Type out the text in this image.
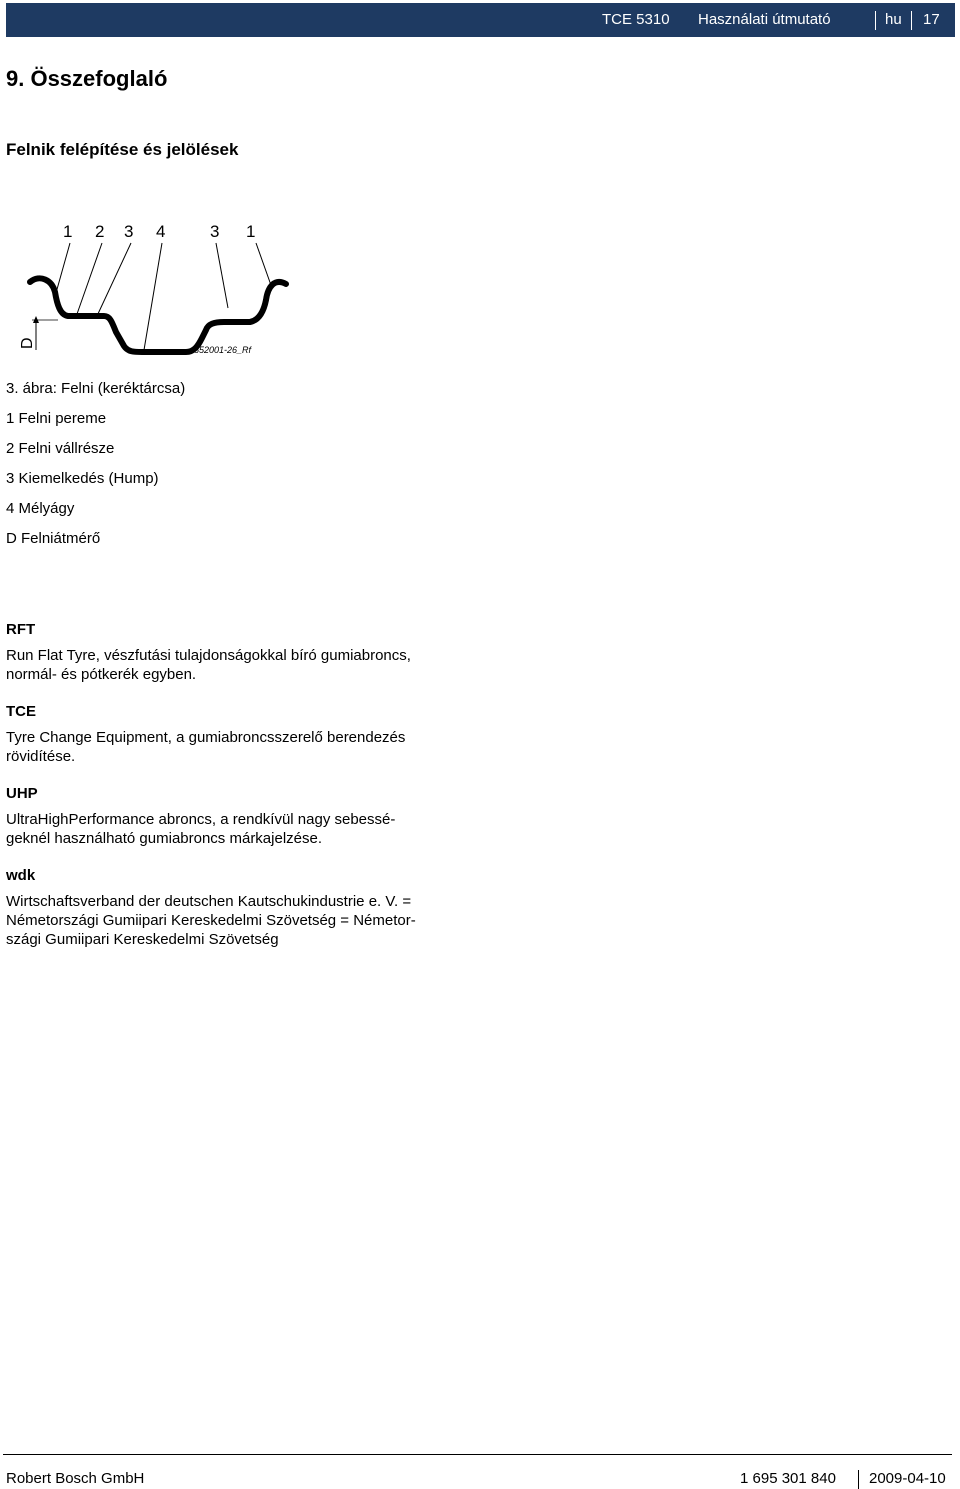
TCE 5310 Használati útmutató	hu 17
9. Összefoglaló
Felnik felépítése és jelölések
1 2 3 4	3 1
D
652001-26_Rf
3. ábra: Felni (keréktárcsa)
1 Felni pereme
2 Felni vállrésze
3 Kiemelkedés (Hump)
4 Mélyágy
D Felniátmérő
RFT
Run Flat Tyre, vészfutási tulajdonságokkal bíró gumiabroncs,
normál- és pótkerék egyben.
TCE
Tyre Change Equipment, a gumiabroncsszerelő berendezés
rövidítése.
UHP
UltraHighPerformance abroncs, a rendkívül nagy sebessé-
geknél használható gumiabroncs márkajelzése.
wdk
Wirtschaftsverband der deutschen Kautschukindustrie e. V. =
Németországi Gumiipari Kereskedelmi Szövetség = Németor-
szági Gumiipari Kereskedelmi Szövetség
Robert Bosch GmbH	1 695 301 840 2009-04-10
